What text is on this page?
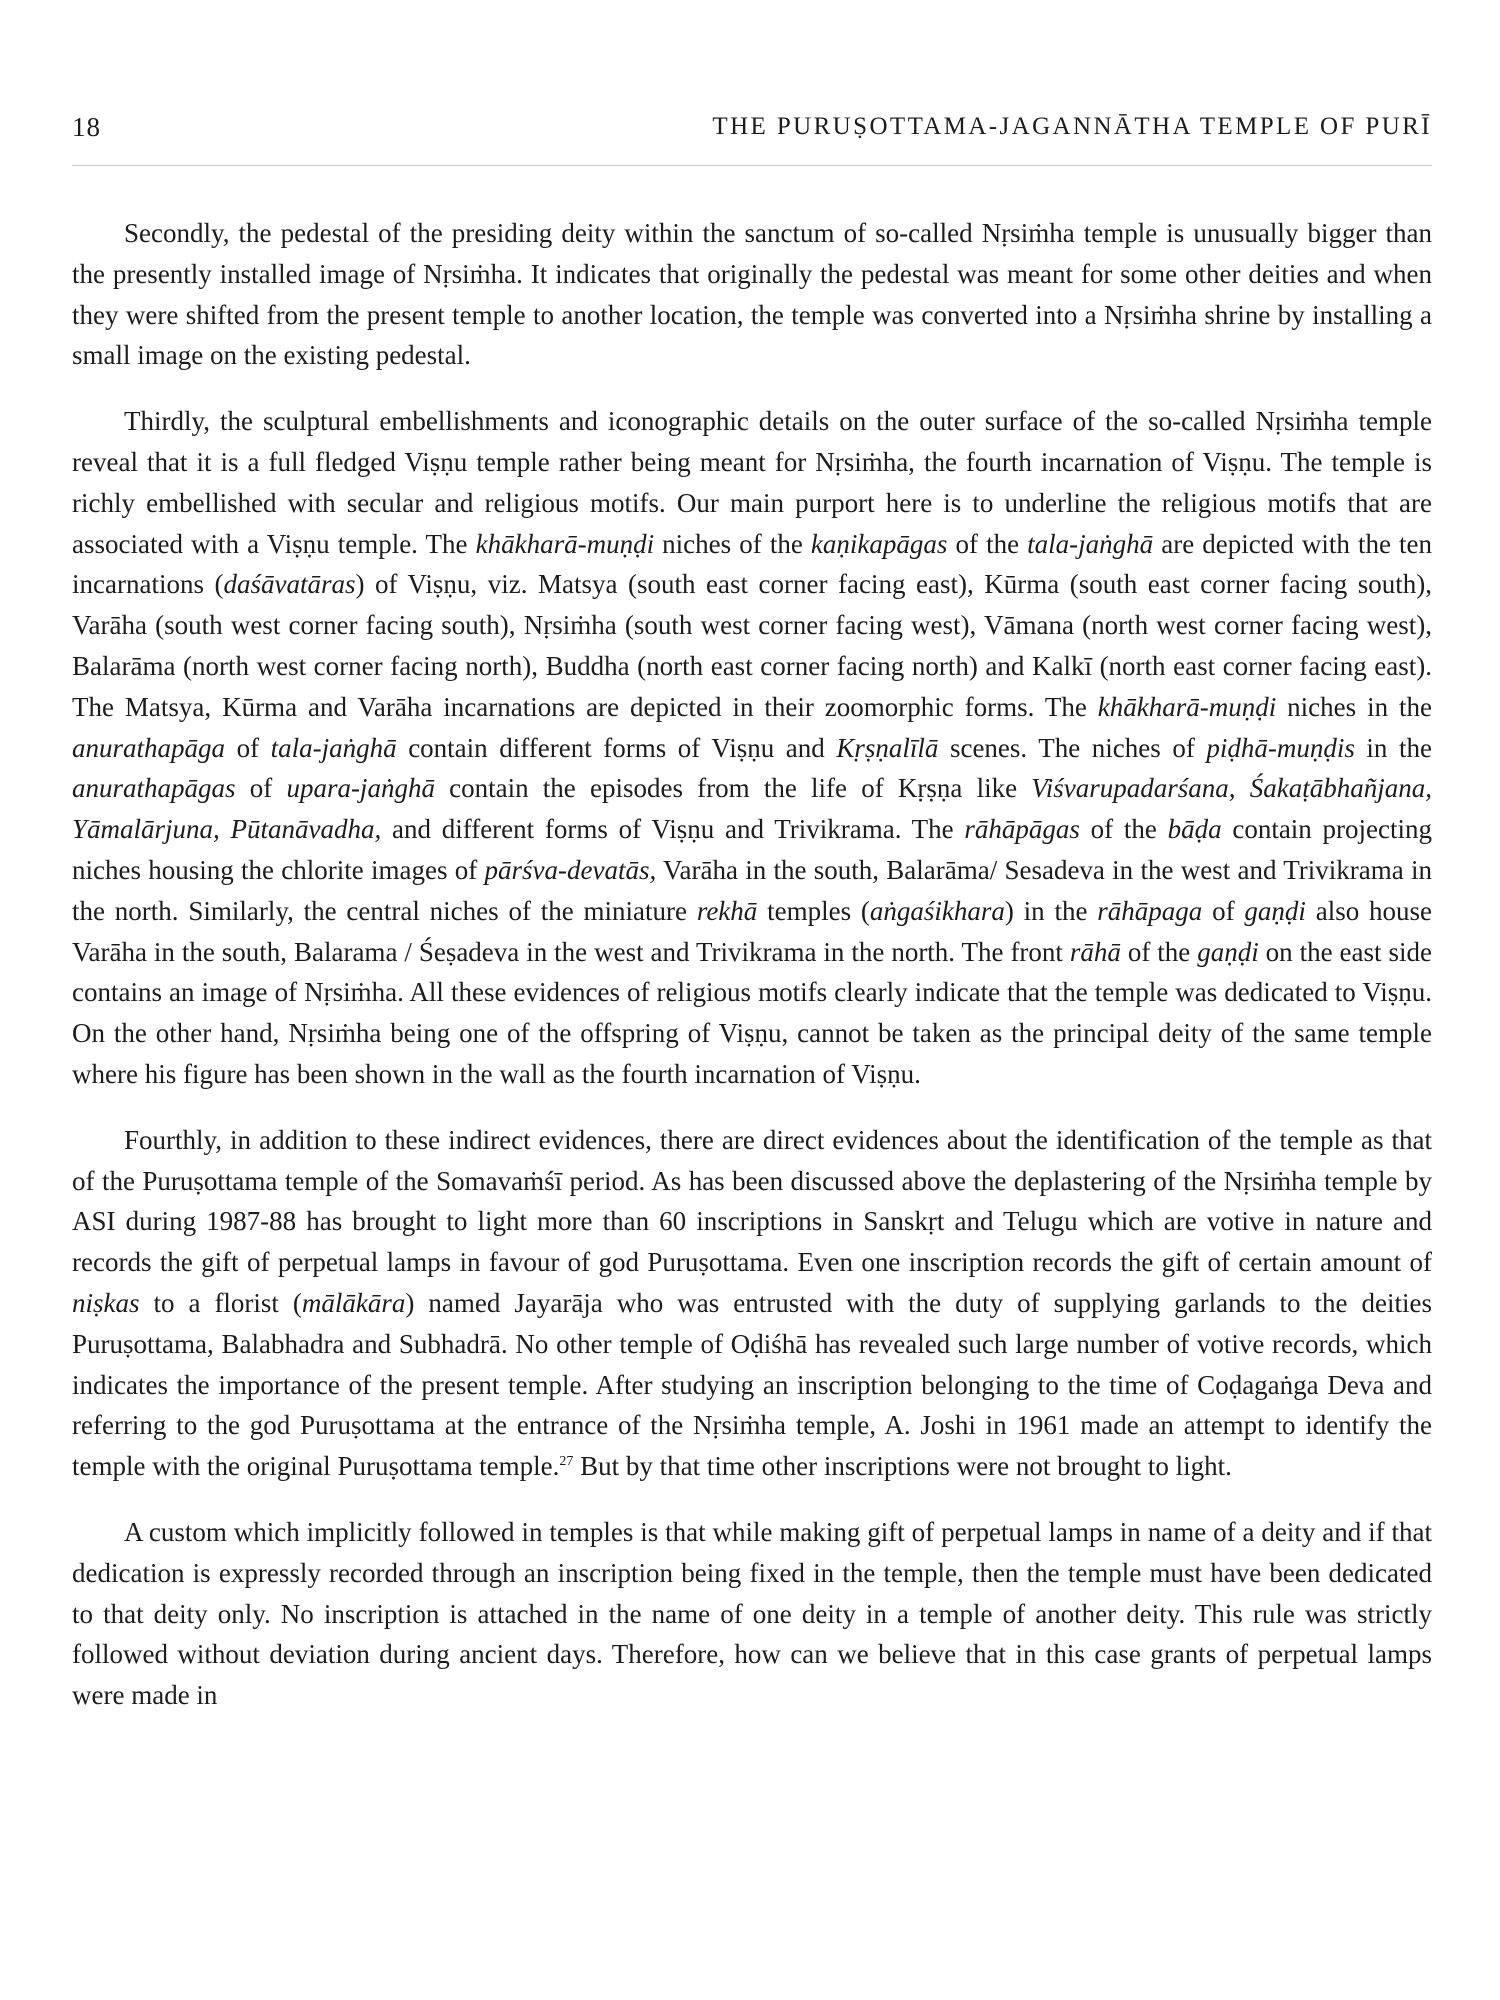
18	THE PURUṢOTTAMA-JAGANNĀTHA TEMPLE OF PURĪ

Secondly, the pedestal of the presiding deity within the sanctum of so-called Nṛsiṁha temple is unusually bigger than the presently installed image of Nṛsiṁha. It indicates that originally the pedestal was meant for some other deities and when they were shifted from the present temple to another location, the temple was converted into a Nṛsiṁha shrine by installing a small image on the existing pedestal.

Thirdly, the sculptural embellishments and iconographic details on the outer surface of the so-called Nṛsiṁha temple reveal that it is a full fledged Viṣṇu temple rather being meant for Nṛsiṁha, the fourth incarnation of Viṣṇu. The temple is richly embellished with secular and religious motifs. Our main purport here is to underline the religious motifs that are associated with a Viṣṇu temple. The khākharā-muṇḍi niches of the kaṇikapāgas of the tala-jaṅghā are depicted with the ten incarnations (daśāvatāras) of Viṣṇu, viz. Matsya (south east corner facing east), Kūrma (south east corner facing south), Varāha (south west corner facing south), Nṛsiṁha (south west corner facing west), Vāmana (north west corner facing west), Balarāma (north west corner facing north), Buddha (north east corner facing north) and Kalkī (north east corner facing east). The Matsya, Kūrma and Varāha incarnations are depicted in their zoomorphic forms. The khākharā-muṇḍi niches in the anurathapāga of tala-jaṅghā contain different forms of Viṣṇu and Kṛṣṇalīlā scenes. The niches of piḍhā-muṇḍis in the anurathapāgas of upara-jaṅghā contain the episodes from the life of Kṛṣṇa like Viśvarupadarśana, Śakaṭābhañjana, Yāmalārjuna, Pūtanāvadha, and different forms of Viṣṇu and Trivikrama. The rāhāpāgas of the bāḍa contain projecting niches housing the chlorite images of pārśva-devatās, Varāha in the south, Balarāma/ Sesadeva in the west and Trivikrama in the north. Similarly, the central niches of the miniature rekhā temples (aṅgaśikhara) in the rāhāpaga of gaṇḍi also house Varāha in the south, Balarama / Śeṣadeva in the west and Trivikrama in the north. The front rāhā of the gaṇḍi on the east side contains an image of Nṛsiṁha. All these evidences of religious motifs clearly indicate that the temple was dedicated to Viṣṇu. On the other hand, Nṛsiṁha being one of the offspring of Viṣṇu, cannot be taken as the principal deity of the same temple where his figure has been shown in the wall as the fourth incarnation of Viṣṇu.

Fourthly, in addition to these indirect evidences, there are direct evidences about the identification of the temple as that of the Puruṣottama temple of the Somavaṁśī period. As has been discussed above the deplastering of the Nṛsiṁha temple by ASI during 1987-88 has brought to light more than 60 inscriptions in Sanskṛt and Telugu which are votive in nature and records the gift of perpetual lamps in favour of god Puruṣottama. Even one inscription records the gift of certain amount of niṣkas to a florist (mālākāra) named Jayarāja who was entrusted with the duty of supplying garlands to the deities Puruṣottama, Balabhadra and Subhadrā. No other temple of Oḍiśhā has revealed such large number of votive records, which indicates the importance of the present temple. After studying an inscription belonging to the time of Coḍagaṅga Deva and referring to the god Puruṣottama at the entrance of the Nṛsiṁha temple, A. Joshi in 1961 made an attempt to identify the temple with the original Puruṣottama temple.$^{27}$ But by that time other inscriptions were not brought to light.

A custom which implicitly followed in temples is that while making gift of perpetual lamps in name of a deity and if that dedication is expressly recorded through an inscription being fixed in the temple, then the temple must have been dedicated to that deity only. No inscription is attached in the name of one deity in a temple of another deity. This rule was strictly followed without deviation during ancient days. Therefore, how can we believe that in this case grants of perpetual lamps were made in
